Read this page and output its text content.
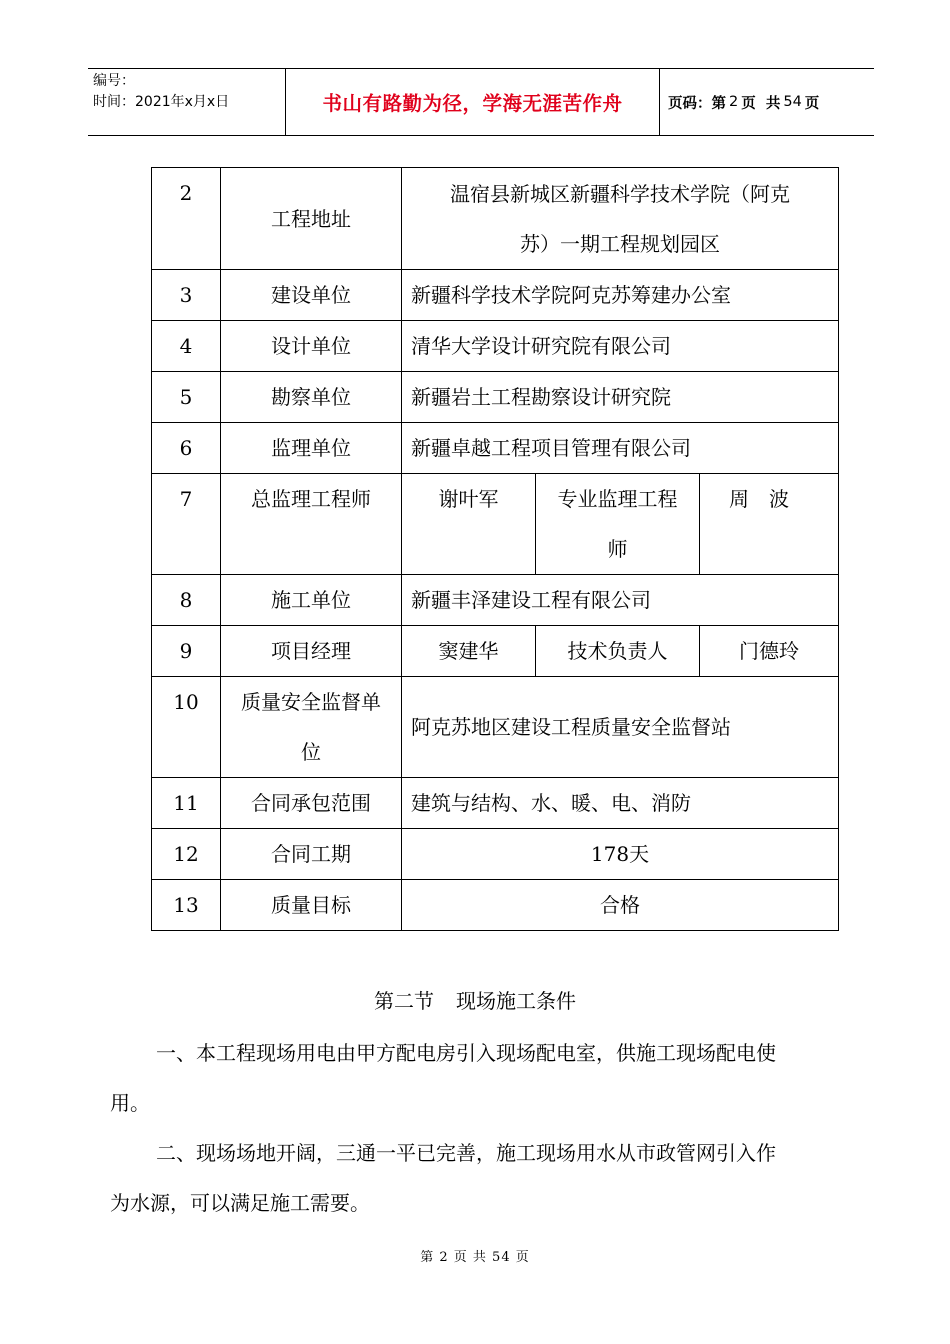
编号：
时间：2021年x月x日	书山有路勤为径，学海无涯苦作舟	页码： 第 2 页  共 54 页
2	工程地址	温宿县新城区新疆科学技术学院（阿克
苏）一期工程规划园区		

3	建设单位	新疆科学技术学院阿克苏筹建办公室		
4	设计单位	清华大学设计研究院有限公司		
5	勘察单位	新疆岩土工程勘察设计研究院		
6	监理单位	新疆卓越工程项目管理有限公司		
7	总监理工程师	谢叶军	专业监理工程
师	周波
8	施工单位	新疆丰泽建设工程有限公司		
9	项目经理	窦建华	技术负责人	门德玲
10	质量安全监督单
位	阿克苏地区建设工程质量安全监督站		
11	合同承包范围	建筑与结构、水、暖、电、消防		
12	合同工期	178天		
13	质量目标	合格		
第二节 现场施工条件
一、本工程现场用电由甲方配电房引入现场配电室，供施工现场配电使用。
二、现场场地开阔，三通一平已完善，施工现场用水从市政管网引入作为水源，可以满足施工需要。
第 2 页 共 54 页
